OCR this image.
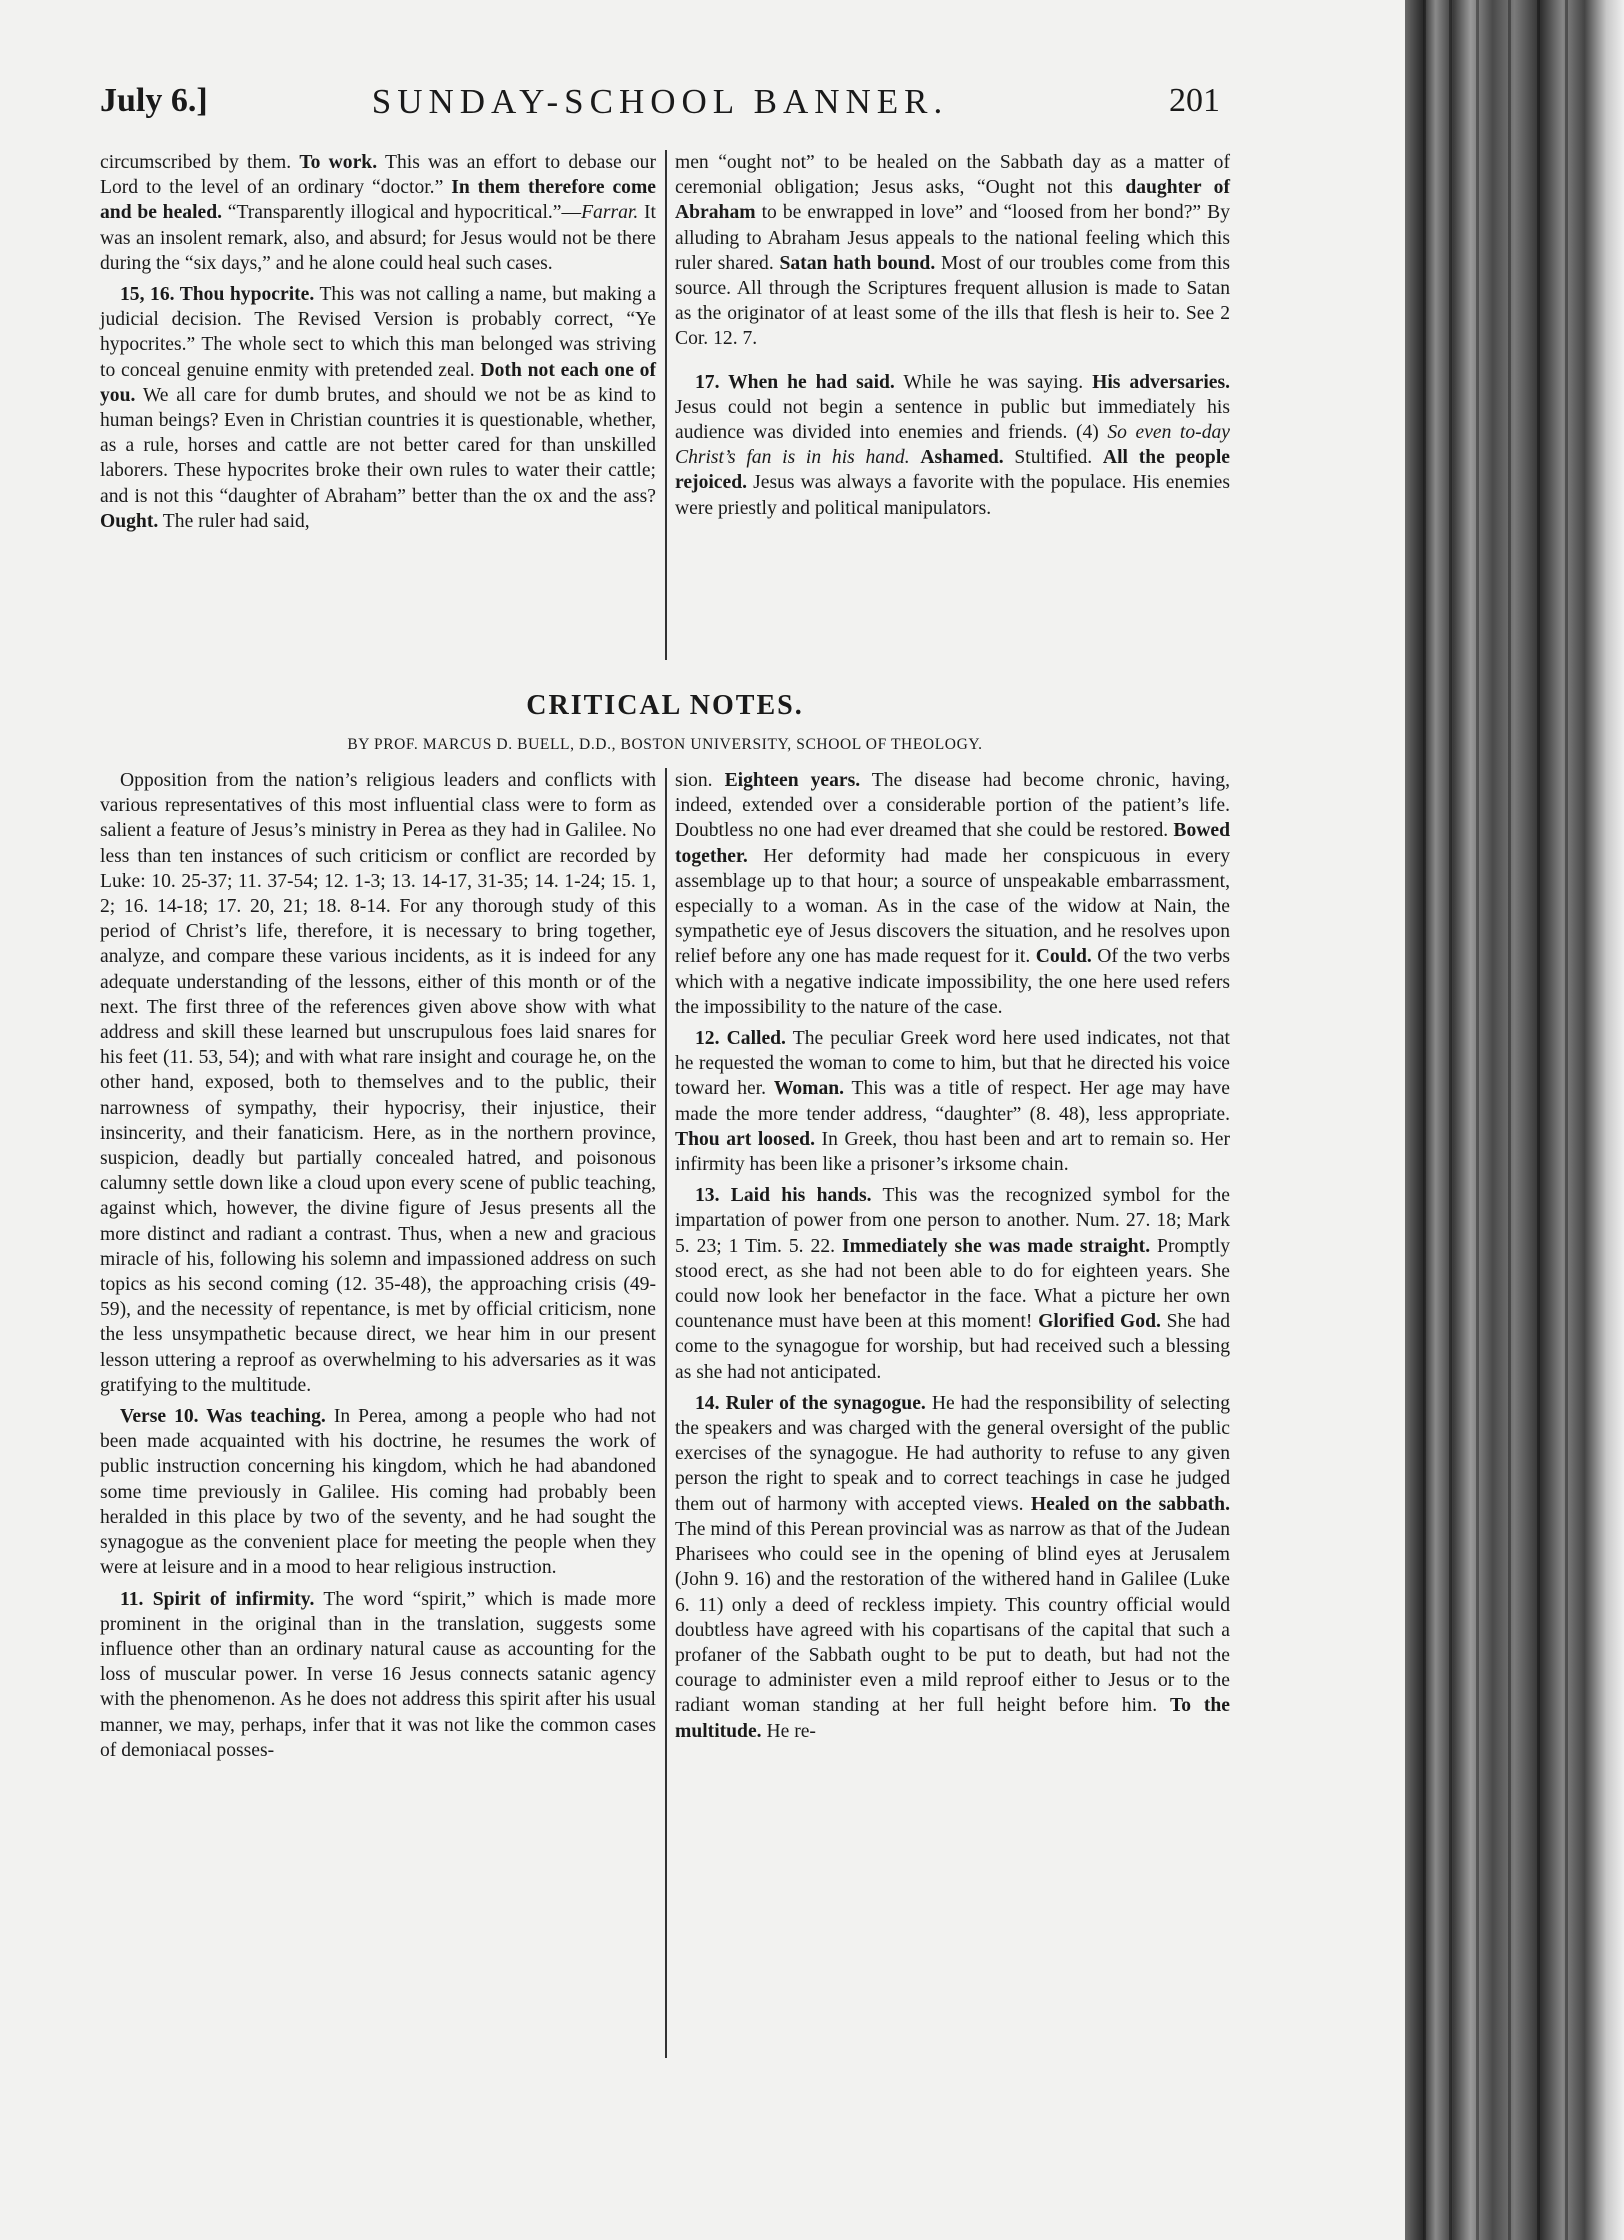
July 6.]	SUNDAY-SCHOOL BANNER.	201

circumscribed by them. To work. This was an effort to debase our Lord to the level of an ordinary “doctor.” In them therefore come and be healed. “Transparently illogical and hypocritical.”—Farrar. It was an insolent remark, also, and absurd; for Jesus would not be there during the “six days,” and he alone could heal such cases.

15, 16. Thou hypocrite. This was not calling a name, but making a judicial decision. The Revised Version is probably correct, “Ye hypocrites.” The whole sect to which this man belonged was striving to conceal genuine enmity with pretended zeal. Doth not each one of you. We all care for dumb brutes, and should we not be as kind to human beings? Even in Christian countries it is questionable, whether, as a rule, horses and cattle are not better cared for than unskilled laborers. These hypocrites broke their own rules to water their cattle; and is not this “daughter of Abraham” better than the ox and the ass? Ought. The ruler had said,

men “ought not” to be healed on the Sabbath day as a matter of ceremonial obligation; Jesus asks, “Ought not this daughter of Abraham to be enwrapped in love” and “loosed from her bond?” By alluding to Abraham Jesus appeals to the national feeling which this ruler shared. Satan hath bound. Most of our troubles come from this source. All through the Scriptures frequent allusion is made to Satan as the originator of at least some of the ills that flesh is heir to. See 2 Cor. 12. 7.

17. When he had said. While he was saying. His adversaries. Jesus could not begin a sentence in public but immediately his audience was divided into enemies and friends. (4) So even to-day Christ’s fan is in his hand. Ashamed. Stultified. All the people rejoiced. Jesus was always a favorite with the populace. His enemies were priestly and political manipulators.

CRITICAL NOTES.
BY PROF. MARCUS D. BUELL, D.D., BOSTON UNIVERSITY, SCHOOL OF THEOLOGY.

Opposition from the nation’s religious leaders and conflicts with various representatives of this most influential class were to form as salient a feature of Jesus’s ministry in Perea as they had in Galilee. No less than ten instances of such criticism or conflict are recorded by Luke: 10. 25-37; 11. 37-54; 12. 1-3; 13. 14-17, 31-35; 14. 1-24; 15. 1, 2; 16. 14-18; 17. 20, 21; 18. 8-14. For any thorough study of this period of Christ’s life, therefore, it is necessary to bring together, analyze, and compare these various incidents, as it is indeed for any adequate understanding of the lessons, either of this month or of the next. The first three of the references given above show with what address and skill these learned but unscrupulous foes laid snares for his feet (11. 53, 54); and with what rare insight and courage he, on the other hand, exposed, both to themselves and to the public, their narrowness of sympathy, their hypocrisy, their injustice, their insincerity, and their fanaticism. Here, as in the northern province, suspicion, deadly but partially concealed hatred, and poisonous calumny settle down like a cloud upon every scene of public teaching, against which, however, the divine figure of Jesus presents all the more distinct and radiant a contrast. Thus, when a new and gracious miracle of his, following his solemn and impassioned address on such topics as his second coming (12. 35-48), the approaching crisis (49-59), and the necessity of repentance, is met by official criticism, none the less unsympathetic because direct, we hear him in our present lesson uttering a reproof as overwhelming to his adversaries as it was gratifying to the multitude.

Verse 10. Was teaching. In Perea, among a people who had not been made acquainted with his doctrine, he resumes the work of public instruction concerning his kingdom, which he had abandoned some time previously in Galilee. His coming had probably been heralded in this place by two of the seventy, and he had sought the synagogue as the convenient place for meeting the people when they were at leisure and in a mood to hear religious instruction.

11. Spirit of infirmity. The word “spirit,” which is made more prominent in the original than in the translation, suggests some influence other than an ordinary natural cause as accounting for the loss of muscular power. In verse 16 Jesus connects satanic agency with the phenomenon. As he does not address this spirit after his usual manner, we may, perhaps, infer that it was not like the common cases of demoniacal posses-

sion. Eighteen years. The disease had become chronic, having, indeed, extended over a considerable portion of the patient’s life. Doubtless no one had ever dreamed that she could be restored. Bowed together. Her deformity had made her conspicuous in every assemblage up to that hour; a source of unspeakable embarrassment, especially to a woman. As in the case of the widow at Nain, the sympathetic eye of Jesus discovers the situation, and he resolves upon relief before any one has made request for it. Could. Of the two verbs which with a negative indicate impossibility, the one here used refers the impossibility to the nature of the case.

12. Called. The peculiar Greek word here used indicates, not that he requested the woman to come to him, but that he directed his voice toward her. Woman. This was a title of respect. Her age may have made the more tender address, “daughter” (8. 48), less appropriate. Thou art loosed. In Greek, thou hast been and art to remain so. Her infirmity has been like a prisoner’s irksome chain.

13. Laid his hands. This was the recognized symbol for the impartation of power from one person to another. Num. 27. 18; Mark 5. 23; 1 Tim. 5. 22. Immediately she was made straight. Promptly stood erect, as she had not been able to do for eighteen years. She could now look her benefactor in the face. What a picture her own countenance must have been at this moment! Glorified God. She had come to the synagogue for worship, but had received such a blessing as she had not anticipated.

14. Ruler of the synagogue. He had the responsibility of selecting the speakers and was charged with the general oversight of the public exercises of the synagogue. He had authority to refuse to any given person the right to speak and to correct teachings in case he judged them out of harmony with accepted views. Healed on the sabbath. The mind of this Perean provincial was as narrow as that of the Judean Pharisees who could see in the opening of blind eyes at Jerusalem (John 9. 16) and the restoration of the withered hand in Galilee (Luke 6. 11) only a deed of reckless impiety. This country official would doubtless have agreed with his copartisans of the capital that such a profaner of the Sabbath ought to be put to death, but had not the courage to administer even a mild reproof either to Jesus or to the radiant woman standing at her full height before him. To the multitude. He re-
